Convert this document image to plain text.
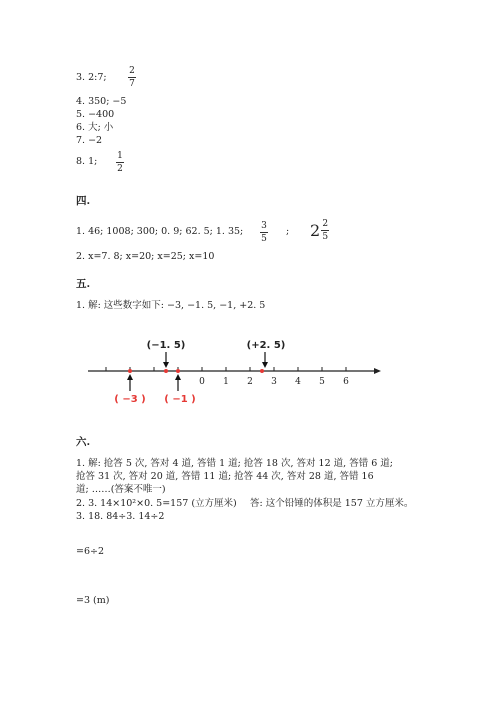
3. 2:7;
2
7
4. 350; −5
5. −400
6. 大; 小
7. −2
8. 1; 1
2
四.
1. 46; 1008; 300; 0. 9; 62. 5; 1. 35; 3
5
; $2 \frac{2}{5}$
2. x=7. 8; x=20; x=25; x=10
五.
1. 解: 这些数字如下: −3, −1. 5, −1, +2. 5
0 1 2 3 4 5 6
(−1. 5)	(+2. 5)
( −3 ) ( −1 )
六.
1. 解: 抢答 5 次, 答对 4 道, 答错 1 道; 抢答 18 次, 答对 12 道, 答错 6 道;
抢答 31 次, 答对 20 道, 答错 11 道; 抢答 44 次, 答对 28 道, 答错 16
道; ……(答案不唯一)
2. 3. 14×10²×0. 5=157 (立方厘米) 答: 这个铅锤的体积是 157 立方厘米。
3. 18. 84÷3. 14÷2
=6÷2
=3 (m)
